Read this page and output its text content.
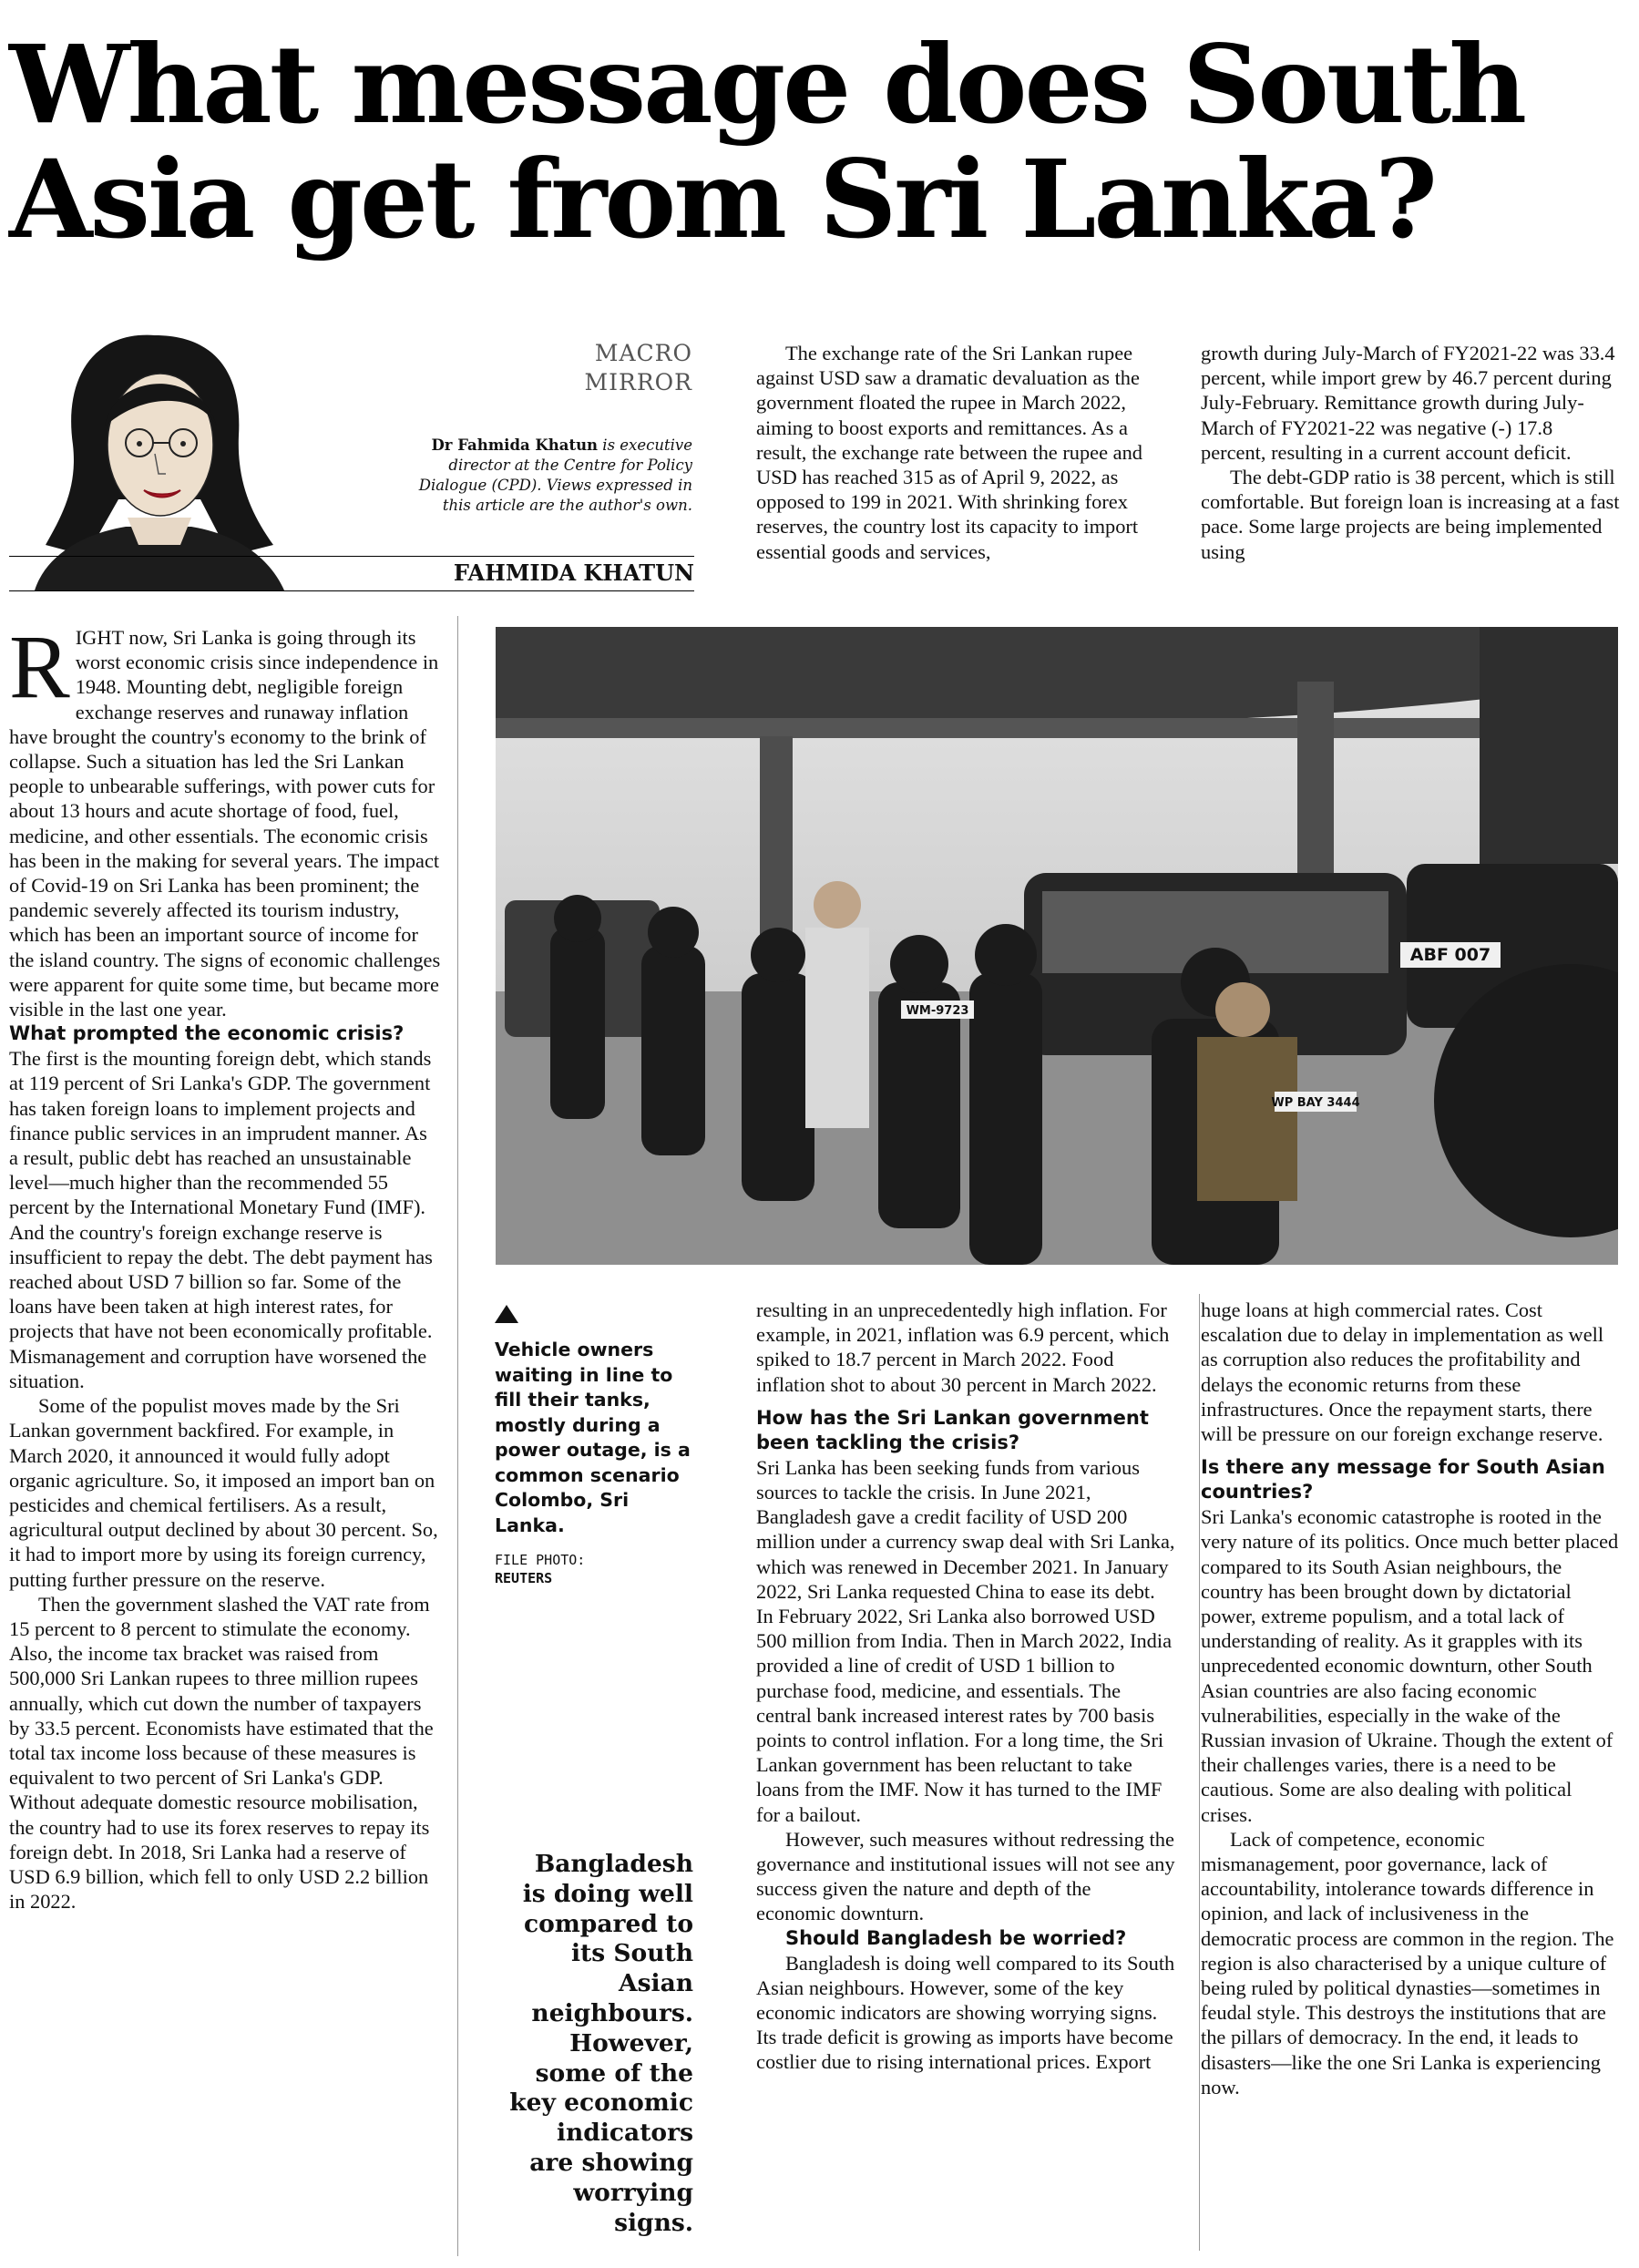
What message does South Asia get from Sri Lanka?
MACRO
MIRROR
Dr Fahmida Khatun is executive director at the Centre for Policy Dialogue (CPD). Views expressed in this article are the author's own.
FAHMIDA KHATUN
R IGHT now, Sri Lanka is going through its worst economic crisis since independence in 1948. Mounting debt, negligible foreign exchange reserves and runaway inflation have brought the country's economy to the brink of collapse. Such a situation has led the Sri Lankan people to unbearable sufferings, with power cuts for about 13 hours and acute shortage of food, fuel, medicine, and other essentials. The economic crisis has been in the making for several years. The impact of Covid-19 on Sri Lanka has been prominent; the pandemic severely affected its tourism industry, which has been an important source of income for the island country. The signs of economic challenges were apparent for quite some time, but became more visible in the last one year.

What prompted the economic crisis?

The first is the mounting foreign debt, which stands at 119 percent of Sri Lanka's GDP. The government has taken foreign loans to implement projects and finance public services in an imprudent manner. As a result, public debt has reached an unsustainable level—much higher than the recommended 55 percent by the International Monetary Fund (IMF). And the country's foreign exchange reserve is insufficient to repay the debt. The debt payment has reached about USD 7 billion so far. Some of the loans have been taken at high interest rates, for projects that have not been economically profitable. Mismanagement and corruption have worsened the situation.

Some of the populist moves made by the Sri Lankan government backfired. For example, in March 2020, it announced it would fully adopt organic agriculture. So, it imposed an import ban on pesticides and chemical fertilisers. As a result, agricultural output declined by about 30 percent. So, it had to import more by using its foreign currency, putting further pressure on the reserve.

Then the government slashed the VAT rate from 15 percent to 8 percent to stimulate the economy. Also, the income tax bracket was raised from 500,000 Sri Lankan rupees to three million rupees annually, which cut down the number of taxpayers by 33.5 percent. Economists have estimated that the total tax income loss because of these measures is equivalent to two percent of Sri Lanka's GDP. Without adequate domestic resource mobilisation, the country had to use its forex reserves to repay its foreign debt. In 2018, Sri Lanka had a reserve of USD 6.9 billion, which fell to only USD 2.2 billion in 2022.

The exchange rate of the Sri Lankan rupee against USD saw a dramatic devaluation as the government floated the rupee in March 2022, aiming to boost exports and remittances. As a result, the exchange rate between the rupee and USD has reached 315 as of April 9, 2022, as opposed to 199 in 2021. With shrinking forex reserves, the country lost its capacity to import essential goods and services,

growth during July-March of FY2021-22 was 33.4 percent, while import grew by 46.7 percent during July-February. Remittance growth during July-March of FY2021-22 was negative (-) 17.8 percent, resulting in a current account deficit.

The debt-GDP ratio is 38 percent, which is still comfortable. But foreign loan is increasing at a fast pace. Some large projects are being implemented using

ABF 007
WM-9723
WP BAY 3444
Vehicle owners waiting in line to fill their tanks, mostly during a power outage, is a common scenario Colombo, Sri Lanka.
FILE PHOTO:
REUTERS
Bangladesh is doing well compared to its South Asian neighbours. However, some of the key economic indicators are showing worrying signs.

resulting in an unprecedentedly high inflation. For example, in 2021, inflation was 6.9 percent, which spiked to 18.7 percent in March 2022. Food inflation shot to about 30 percent in March 2022.

How has the Sri Lankan government been tackling the crisis?

Sri Lanka has been seeking funds from various sources to tackle the crisis. In June 2021, Bangladesh gave a credit facility of USD 200 million under a currency swap deal with Sri Lanka, which was renewed in December 2021. In January 2022, Sri Lanka requested China to ease its debt. In February 2022, Sri Lanka also borrowed USD 500 million from India. Then in March 2022, India provided a line of credit of USD 1 billion to purchase food, medicine, and essentials. The central bank increased interest rates by 700 basis points to control inflation. For a long time, the Sri Lankan government has been reluctant to take loans from the IMF. Now it has turned to the IMF for a bailout.

However, such measures without redressing the governance and institutional issues will not see any success given the nature and depth of the economic downturn.

Should Bangladesh be worried?

Bangladesh is doing well compared to its South Asian neighbours. However, some of the key economic indicators are showing worrying signs. Its trade deficit is growing as imports have become costlier due to rising international prices. Export

huge loans at high commercial rates. Cost escalation due to delay in implementation as well as corruption also reduces the profitability and delays the economic returns from these infrastructures. Once the repayment starts, there will be pressure on our foreign exchange reserve.

Is there any message for South Asian countries?

Sri Lanka's economic catastrophe is rooted in the very nature of its politics. Once much better placed compared to its South Asian neighbours, the country has been brought down by dictatorial power, extreme populism, and a total lack of understanding of reality. As it grapples with its unprecedented economic downturn, other South Asian countries are also facing economic vulnerabilities, especially in the wake of the Russian invasion of Ukraine. Though the extent of their challenges varies, there is a need to be cautious. Some are also dealing with political crises.

Lack of competence, economic mismanagement, poor governance, lack of accountability, intolerance towards difference in opinion, and lack of inclusiveness in the democratic process are common in the region. The region is also characterised by a unique culture of being ruled by political dynasties—sometimes in feudal style. This destroys the institutions that are the pillars of democracy. In the end, it leads to disasters—like the one Sri Lanka is experiencing now.
